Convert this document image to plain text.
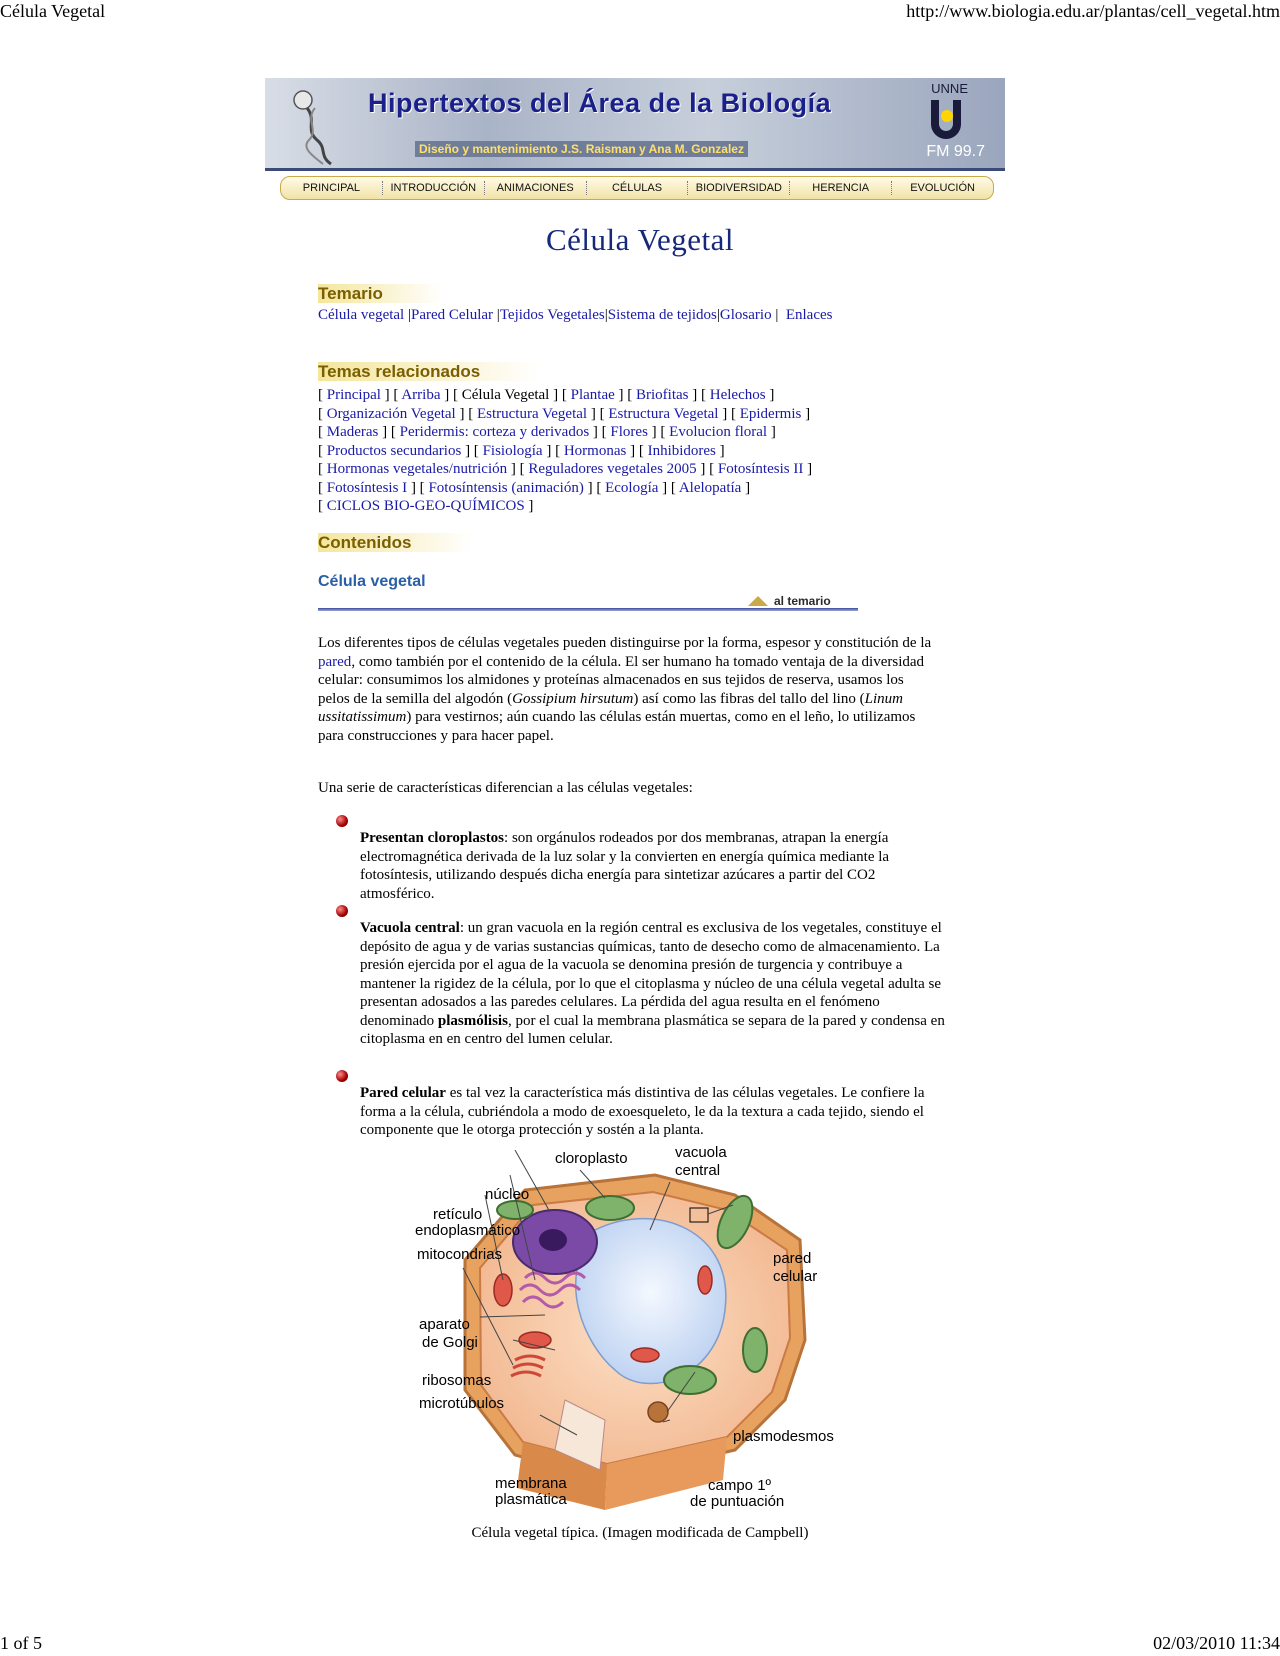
Célula Vegetal	http://www.biologia.edu.ar/plantas/cell_vegetal.htm
1 of 5	02/03/2010 11:34
Hipertextos del Área de la Biología
Diseño y mantenimiento J.S. Raisman y Ana M. Gonzalez
UNNE
FM 99.7
PRINCIPAL	INTRODUCCIÓN	ANIMACIONES	CÉLULAS	BIODIVERSIDAD	HERENCIA	EVOLUCIÓN
Célula Vegetal
Temario
Célula vegetal |Pared Celular |Tejidos Vegetales|Sistema de tejidos|Glosario |  Enlaces
Temas relacionados
[ Principal ] [ Arriba ] [ Célula Vegetal ] [ Plantae ] [ Briofitas ] [ Helechos ]
[ Organización Vegetal ] [ Estructura Vegetal ] [ Estructura Vegetal ] [ Epidermis ]
[ Maderas ] [ Peridermis: corteza y derivados ] [ Flores ] [ Evolucion floral ]
[ Productos secundarios ] [ Fisiología ] [ Hormonas ] [ Inhibidores ]
[ Hormonas vegetales/nutrición ] [ Reguladores vegetales 2005 ] [ Fotosíntesis II ]
[ Fotosíntesis I ] [ Fotosíntensis (animación) ] [ Ecología ] [ Alelopatía ]
[ CICLOS BIO-GEO-QUÍMICOS ]
Contenidos
Célula vegetal
al temario
Los diferentes tipos de células vegetales pueden distinguirse por la forma, espesor y constitución de la pared, como también por el contenido de la célula. El ser humano ha tomado ventaja de la diversidad celular: consumimos los almidones y proteínas almacenados en sus tejidos de reserva, usamos los pelos de la semilla del algodón (Gossipium hirsutum) así como las fibras del tallo del lino (Linum ussitatissimum) para vestirnos; aún cuando las células están muertas, como en el leño, lo utilizamos para construcciones y para hacer papel.
Una serie de características diferencian a las células vegetales:
Presentan cloroplastos: son orgánulos rodeados por dos membranas, atrapan la energía electromagnética derivada de la luz solar y la convierten en energía química mediante la fotosíntesis, utilizando después dicha energía para sintetizar azúcares a partir del CO2 atmosférico.
Vacuola central: un gran vacuola en la región central es exclusiva de los vegetales, constituye el depósito de agua y de varias sustancias químicas, tanto de desecho como de almacenamiento. La presión ejercida por el agua de la vacuola se denomina presión de turgencia y contribuye a mantener la rigidez de la célula, por lo que el citoplasma y núcleo de una célula vegetal adulta se presentan adosados a las paredes celulares. La pérdida del agua resulta en el fenómeno denominado plasmólisis, por el cual la membrana plasmática se separa de la pared y condensa en citoplasma en en centro del lumen celular.
Pared celular es tal vez la característica más distintiva de las células vegetales. Le confiere la forma a la célula, cubriéndola a modo de exoesqueleto, le da la textura a cada tejido, siendo el componente que le otorga protección y sostén a la planta.
cloroplasto	vacuola
central
núcleo
retículo
endoplasmático
mitocondrias	pared
celular
aparato
de Golgi
ribosomas
microtúbulos
plasmodesmos
membrana
plasmática
campo 1º
de puntuación
Célula vegetal típica. (Imagen modificada de Campbell)
